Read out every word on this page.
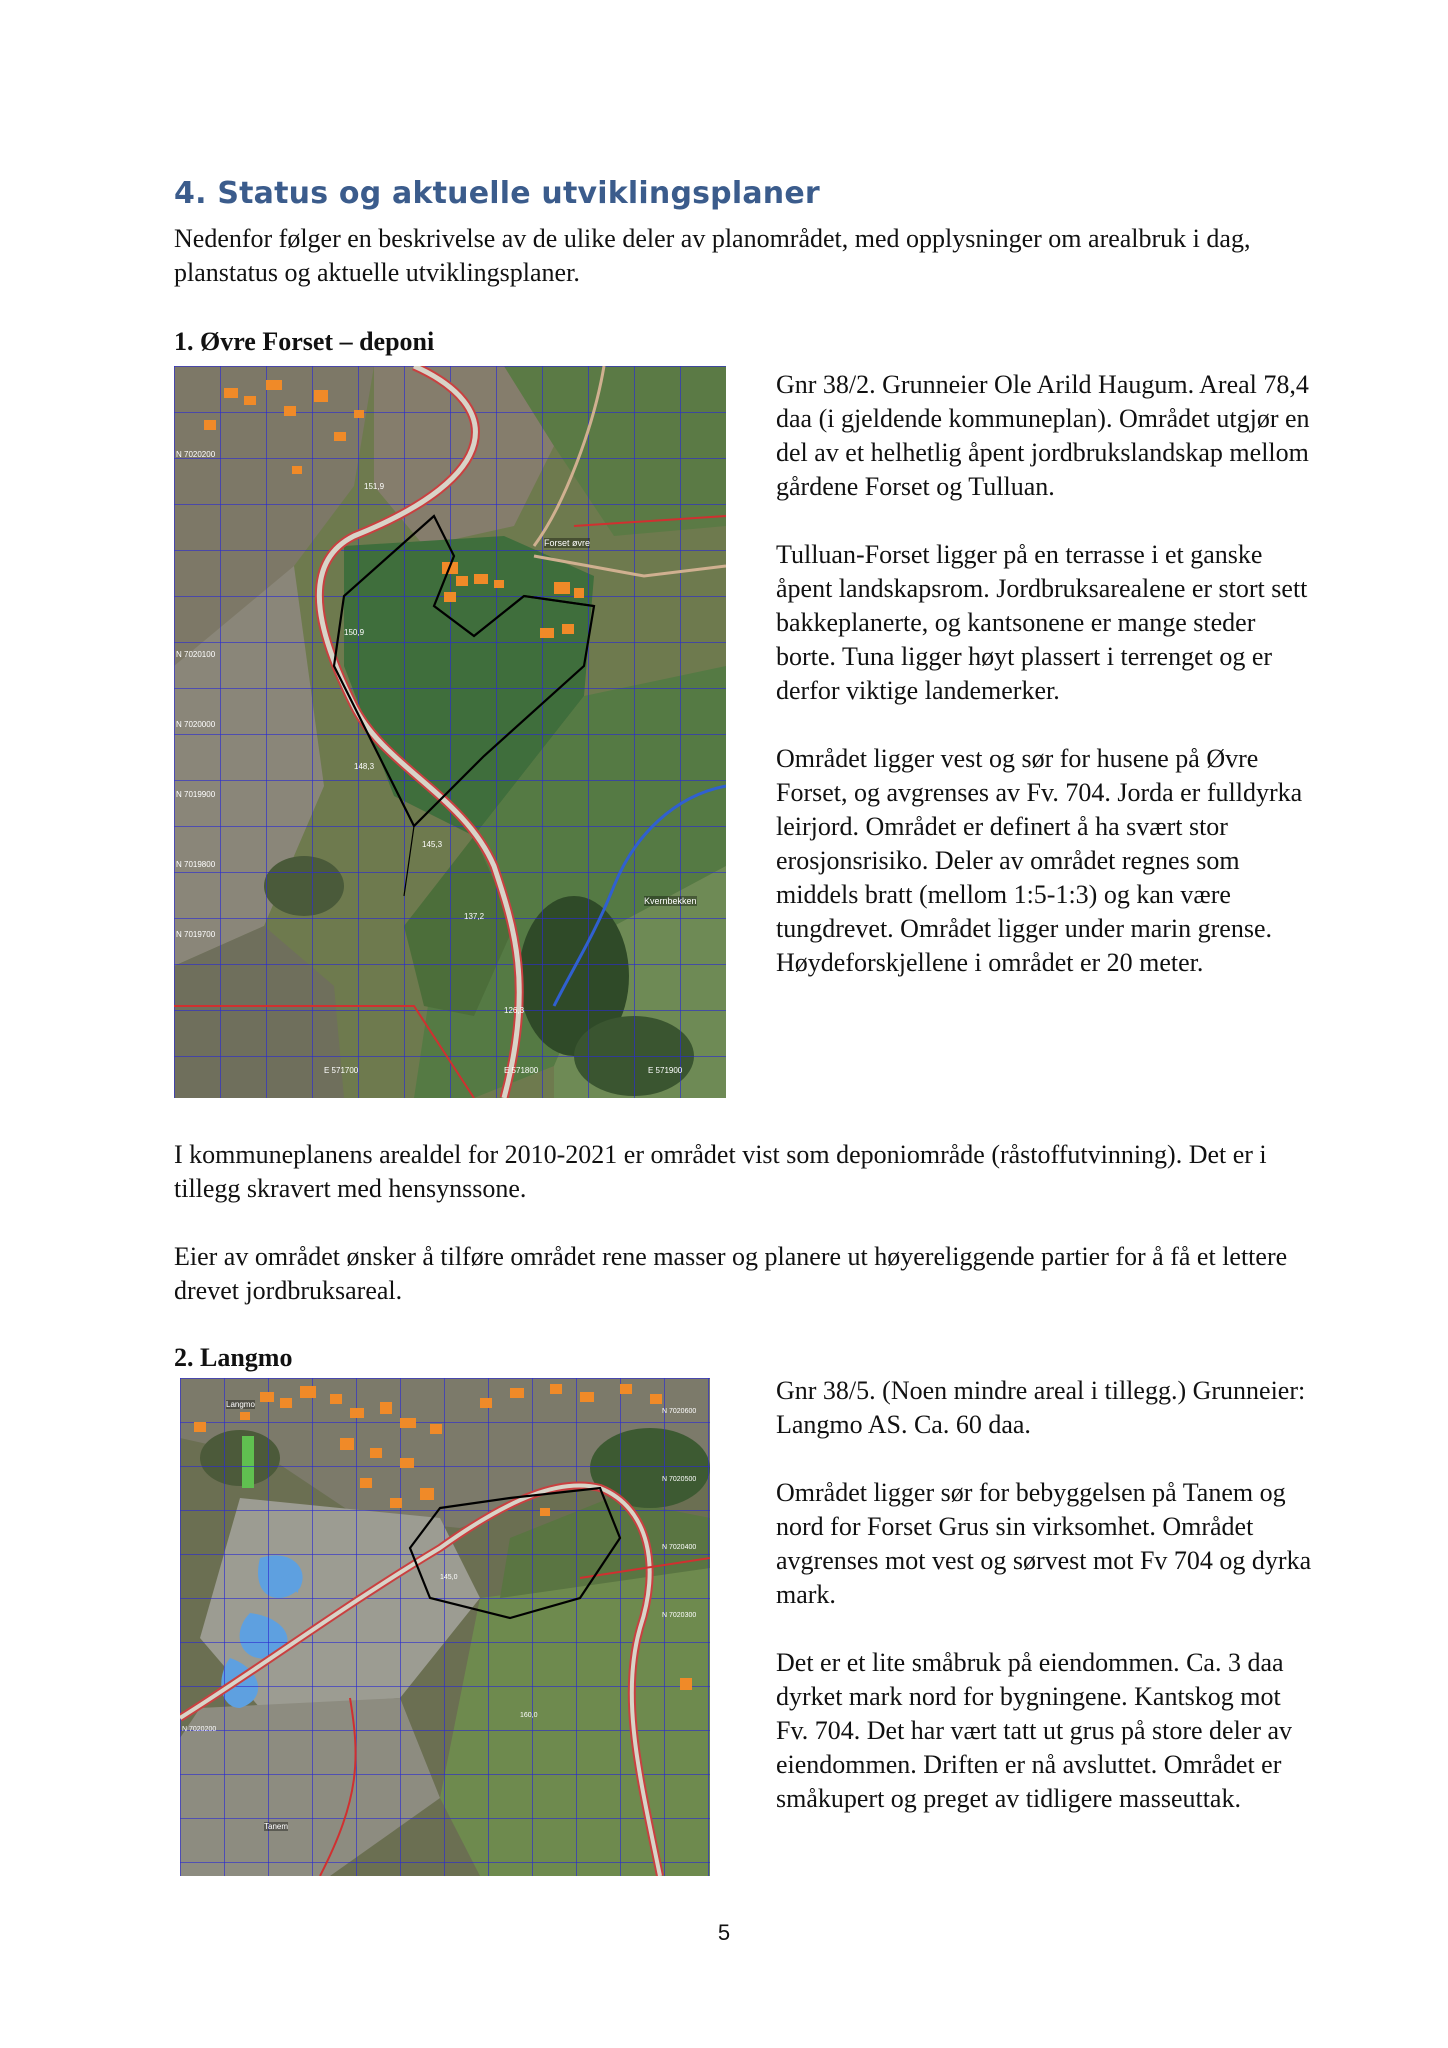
4. Status og aktuelle utviklingsplaner

Nedenfor følger en beskrivelse av de ulike deler av planområdet, med opplysninger om arealbruk i dag, planstatus og aktuelle utviklingsplaner.

1. Øvre Forset – deponi
Forset øvre
Kvernbekken
N 7020200
N 7020100
N 7020000
N 7019900
N 7019800
N 7019700
E 571700	E 571800	E 571900
151,9
150,9
148,3
145,3
137,2
126,3

Gnr 38/2. Grunneier Ole Arild Haugum. Areal 78,4 daa (i gjeldende kommuneplan). Området utgjør en del av et helhetlig åpent jordbrukslandskap mellom gårdene Forset og Tulluan.

Tulluan-Forset ligger på en terrasse i et ganske åpent landskapsrom. Jordbruksarealene er stort sett bakkeplanerte, og kantsonene er mange steder borte. Tuna ligger høyt plassert i terrenget og er derfor viktige landemerker.

Området ligger vest og sør for husene på Øvre Forset, og avgrenses av Fv. 704. Jorda er fulldyrka leirjord. Området er definert å ha svært stor erosjonsrisiko. Deler av området regnes som middels bratt (mellom 1:5-1:3) og kan være tungdrevet. Området ligger under marin grense. Høydeforskjellene i området er 20 meter.

I kommuneplanens arealdel for 2010-2021 er området vist som deponiområde (råstoffutvinning). Det er i tillegg skravert med hensynssone.

Eier av området ønsker å tilføre området rene masser og planere ut høyereliggende partier for å få et lettere drevet jordbruksareal.

2. Langmo
Langmo
Tanem
N 7020600
N 7020500
N 7020400
N 7020300
N 7020200
145,0
160,0

Gnr 38/5. (Noen mindre areal i tillegg.) Grunneier: Langmo AS. Ca. 60 daa.

Området ligger sør for bebyggelsen på Tanem og nord for Forset Grus sin virksomhet. Området avgrenses mot vest og sørvest mot Fv 704 og dyrka mark.

Det er et lite småbruk på eiendommen. Ca. 3 daa dyrket mark nord for bygningene. Kantskog mot Fv. 704. Det har vært tatt ut grus på store deler av eiendommen. Driften er nå avsluttet. Området er småkupert og preget av tidligere masseuttak.

5
